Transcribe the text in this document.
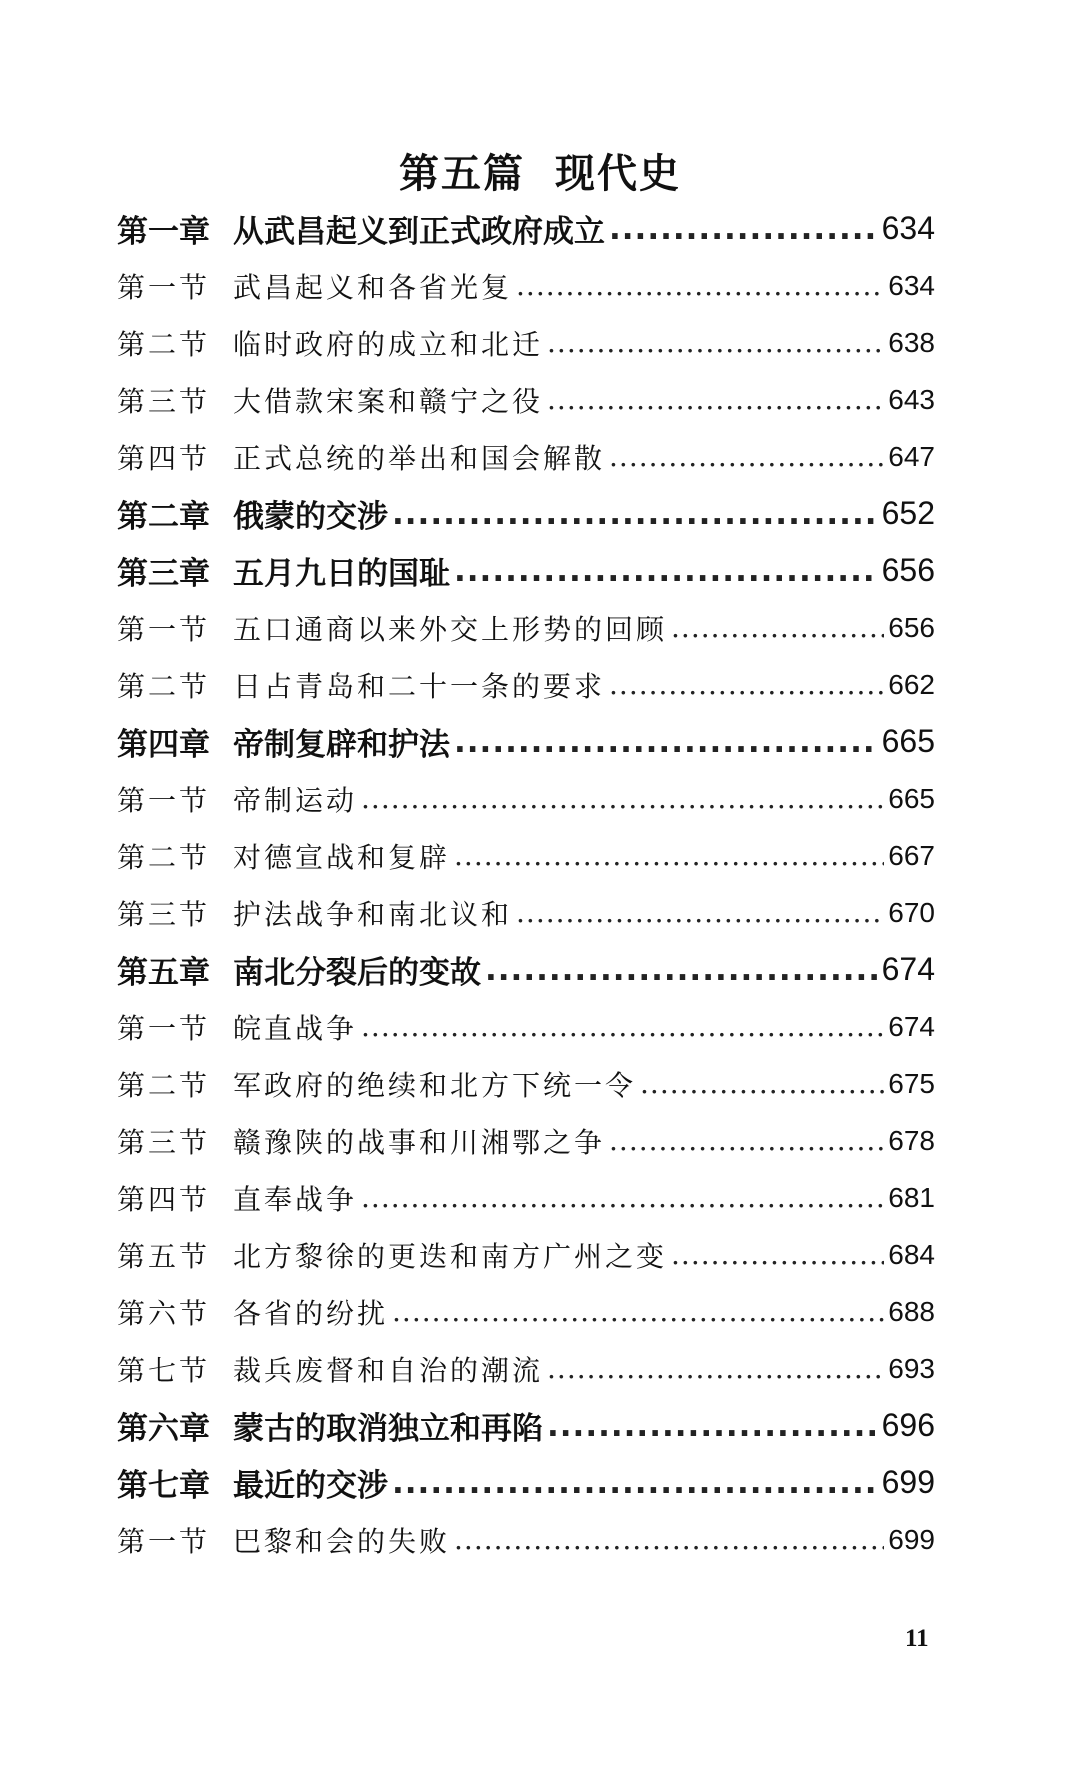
第五篇 现代史
第一章 从武昌起义到正式政府成立 .....	634
第一节 武昌起义和各省光复 .....	634
第二节 临时政府的成立和北迁 .....	638
第三节 大借款宋案和赣宁之役 .....	643
第四节 正式总统的举出和国会解散 .....	647
第二章 俄蒙的交涉 .....	652
第三章 五月九日的国耻 .....	656
第一节 五口通商以来外交上形势的回顾 .....	656
第二节 日占青岛和二十一条的要求 .....	662
第四章 帝制复辟和护法 .....	665
第一节 帝制运动 .....	665
第二节 对德宣战和复辟 .....	667
第三节 护法战争和南北议和 .....	670
第五章 南北分裂后的变故 .....	674
第一节 皖直战争 .....	674
第二节 军政府的绝续和北方下统一令 .....	675
第三节 赣豫陕的战事和川湘鄂之争 .....	678
第四节 直奉战争 .....	681
第五节 北方黎徐的更迭和南方广州之变 .....	684
第六节 各省的纷扰 .....	688
第七节 裁兵废督和自治的潮流 .....	693
第六章 蒙古的取消独立和再陷 .....	696
第七章 最近的交涉 .....	699
第一节 巴黎和会的失败 .....	699
11
